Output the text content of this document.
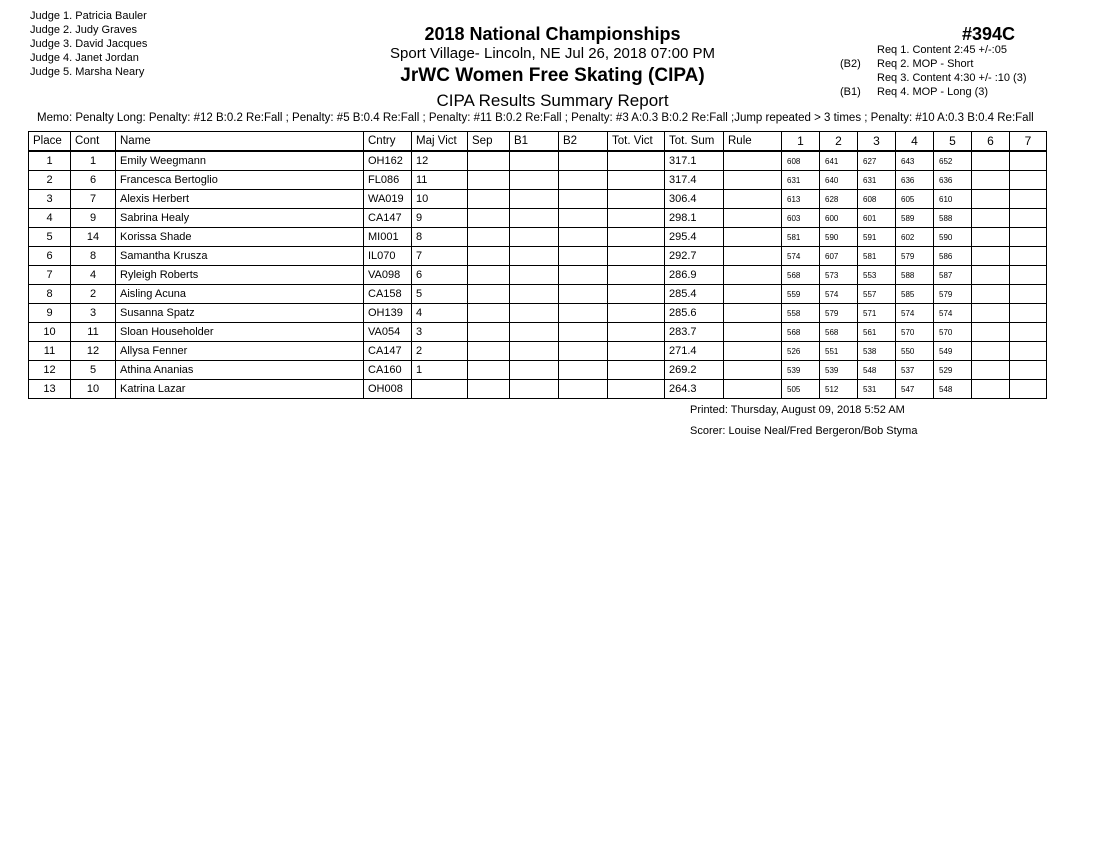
Judge 1. Patricia Bauler
Judge 2. Judy Graves
Judge 3. David Jacques
Judge 4. Janet Jordan
Judge 5. Marsha Neary
2018 National Championships
Sport Village- Lincoln, NE Jul 26, 2018 07:00 PM
JrWC Women Free Skating (CIPA)
CIPA Results Summary Report
#394C
Req 1. Content 2:45 +/-:05
(B2) Req 2. MOP - Short
Req 3. Content 4:30 +/- :10 (3)
(B1) Req 4. MOP - Long (3)
Memo: Penalty Long: Penalty: #12 B:0.2 Re:Fall ; Penalty: #5 B:0.4 Re:Fall ; Penalty: #11 B:0.2 Re:Fall ; Penalty: #3 A:0.3 B:0.2 Re:Fall ;Jump repeated > 3 times ; Penalty: #10 A:0.3 B:0.4 Re:Fall
Place	Cont	Name	Cntry	Maj Vict	Sep	B1	B2	Tot. Vict	Tot. Sum	Rule	1	2	3	4	5	6	7
1	1	Emily Weegmann	OH162	12					317.1		608	641	627	643	652		
2	6	Francesca Bertoglio	FL086	11					317.4		631	640	631	636	636		
3	7	Alexis Herbert	WA019	10					306.4		613	628	608	605	610		
4	9	Sabrina Healy	CA147	9					298.1		603	600	601	589	588		
5	14	Korissa Shade	MI001	8					295.4		581	590	591	602	590		
6	8	Samantha Krusza	IL070	7					292.7		574	607	581	579	586		
7	4	Ryleigh Roberts	VA098	6					286.9		568	573	553	588	587		
8	2	Aisling Acuna	CA158	5					285.4		559	574	557	585	579		
9	3	Susanna Spatz	OH139	4					285.6		558	579	571	574	574		
10	11	Sloan Householder	VA054	3					283.7		568	568	561	570	570		
11	12	Allysa Fenner	CA147	2					271.4		526	551	538	550	549		
12	5	Athina Ananias	CA160	1					269.2		539	539	548	537	529		
13	10	Katrina Lazar	OH008						264.3		505	512	531	547	548		
Printed: Thursday, August 09, 2018 5:52 AM
Scorer: Louise Neal/Fred Bergeron/Bob Styma
